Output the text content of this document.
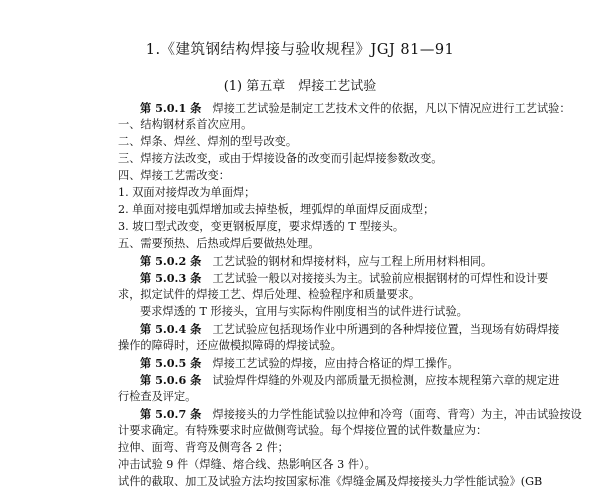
1.《建筑钢结构焊接与验收规程》JGJ 81—91
(1) 第五章　焊接工艺试验
第 5.0.1 条　焊接工艺试验是制定工艺技术文件的依据，凡以下情况应进行工艺试验：
一、结构钢材系首次应用。
二、焊条、焊丝、焊剂的型号改变。
三、焊接方法改变，或由于焊接设备的改变而引起焊接参数改变。
四、焊接工艺需改变：
1. 双面对接焊改为单面焊；
2. 单面对接电弧焊增加或去掉垫板，埋弧焊的单面焊反面成型；
3. 坡口型式改变，变更钢板厚度，要求焊透的 T 型接头。
五、需要预热、后热或焊后要做热处理。
第 5.0.2 条　工艺试验的钢材和焊接材料，应与工程上所用材料相同。
第 5.0.3 条　工艺试验一般以对接接头为主。试验前应根据钢材的可焊性和设计要
求，拟定试件的焊接工艺、焊后处理、检验程序和质量要求。
要求焊透的 T 形接头，宜用与实际构件刚度相当的试件进行试验。
第 5.0.4 条　工艺试验应包括现场作业中所遇到的各种焊接位置，当现场有妨碍焊接
操作的障碍时，还应做模拟障碍的焊接试验。
第 5.0.5 条　焊接工艺试验的焊接，应由持合格证的焊工操作。
第 5.0.6 条　试验焊件焊缝的外观及内部质量无损检测，应按本规程第六章的规定进
行检查及评定。
第 5.0.7 条　焊接接头的力学性能试验以拉伸和冷弯（面弯、背弯）为主，冲击试验按设
计要求确定。有特殊要求时应做侧弯试验。每个焊接位置的试件数量应为：
拉伸、面弯、背弯及侧弯各 2 件；
冲击试验 9 件（焊缝、熔合线、热影响区各 3 件）。
试件的截取、加工及试验方法均按国家标准《焊缝金属及焊接接头力学性能试验》(GB
